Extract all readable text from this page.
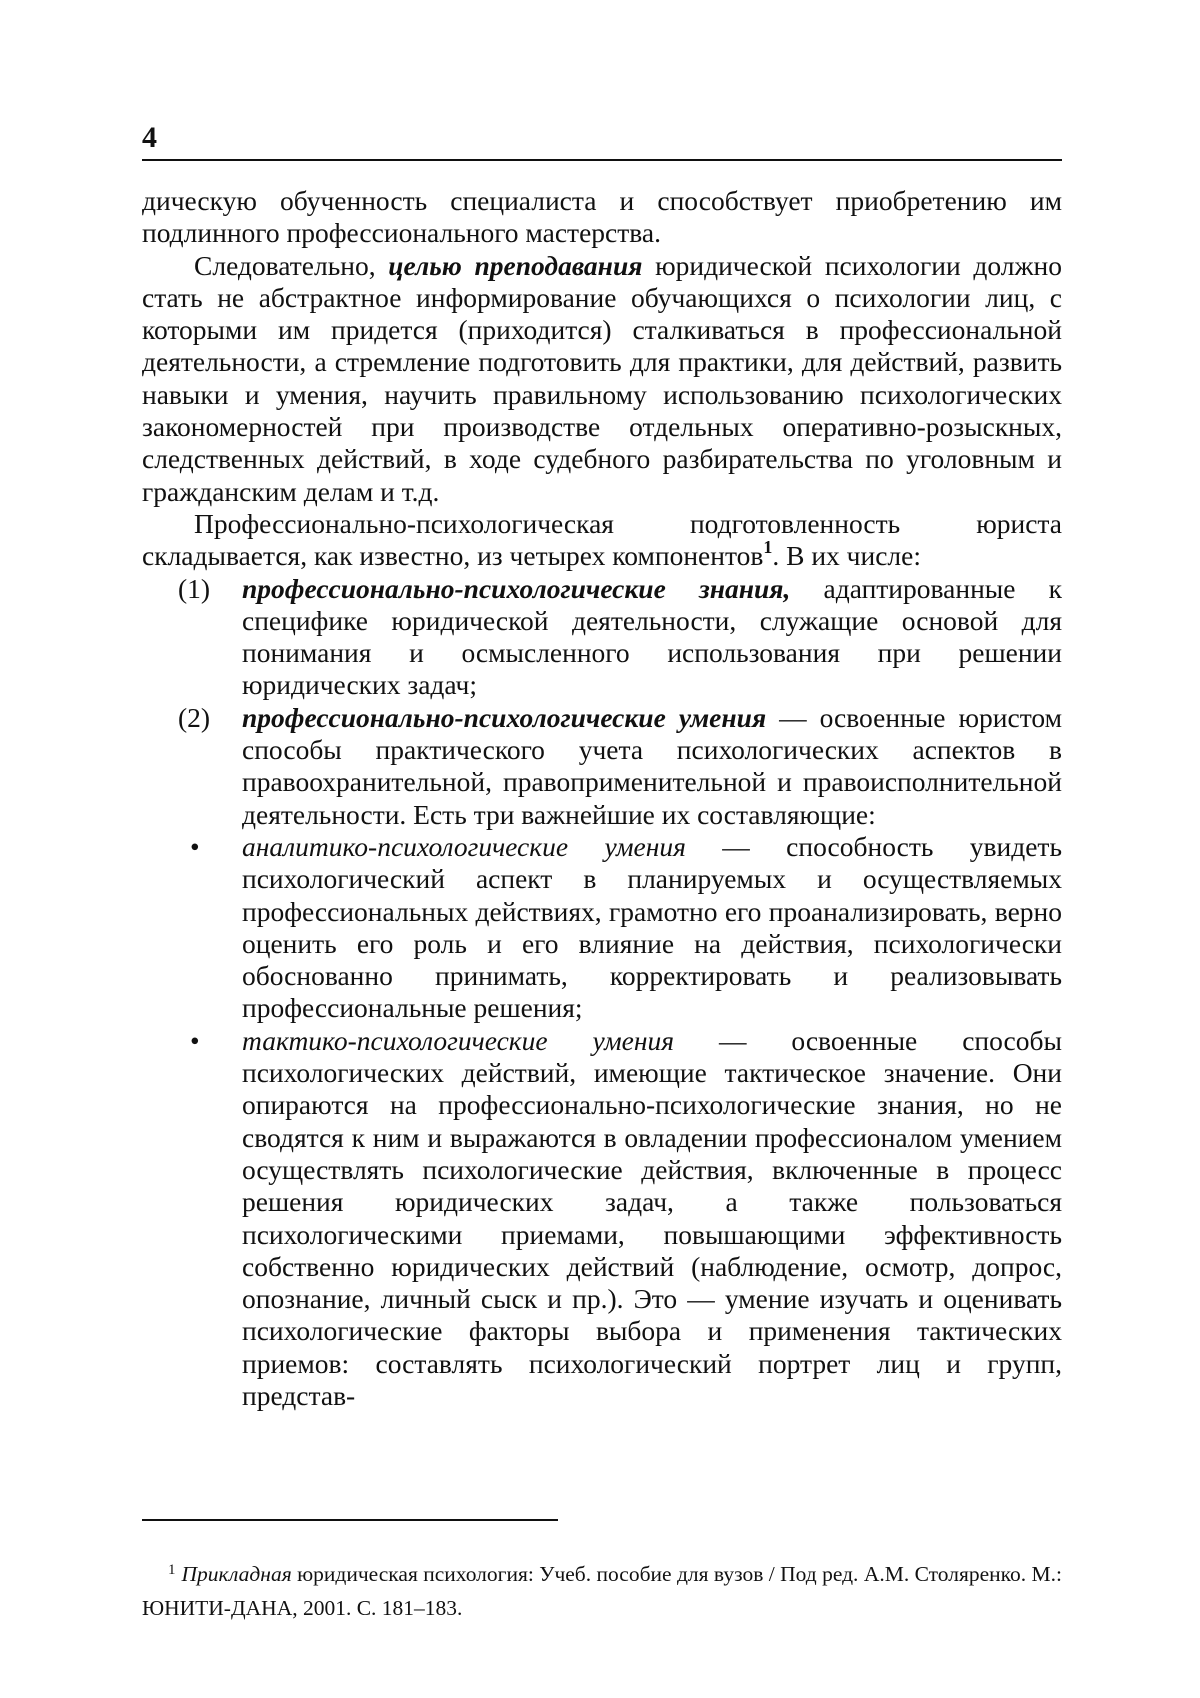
4

дическую обученность специалиста и способствует приобретению им подлинного профессионального мастерства.

Следовательно, целью преподавания юридической психологии должно стать не абстрактное информирование обучающихся о психологии лиц, с которыми им придется (приходится) сталкиваться в профессиональной деятельности, а стремление подготовить для практики, для действий, развить навыки и умения, научить правильному использованию психологических закономерностей при производстве отдельных оперативно-розыскных, следственных действий, в ходе судебного разбирательства по уголовным и гражданским делам и т.д.

Профессионально-психологическая подготовленность юриста складывается, как известно, из четырех компонентов1. В их числе:

(1) профессионально-психологические знания, адаптированные к специфике юридической деятельности, служащие основой для понимания и осмысленного использования при решении юридических задач;
(2) профессионально-психологические умения — освоенные юристом способы практического учета психологических аспектов в правоохранительной, правоприменительной и правоисполнительной деятельности. Есть три важнейшие их составляющие:
• аналитико-психологические умения — способность увидеть психологический аспект в планируемых и осуществляемых профессиональных действиях, грамотно его проанализировать, верно оценить его роль и его влияние на действия, психологически обоснованно принимать, корректировать и реализовывать профессиональные решения;
• тактико-психологические умения — освоенные способы психологических действий, имеющие тактическое значение. Они опираются на профессионально-психологические знания, но не сводятся к ним и выражаются в овладении профессионалом умением осуществлять психологические действия, включенные в процесс решения юридических задач, а также пользоваться психологическими приемами, повышающими эффективность собственно юридических действий (наблюдение, осмотр, допрос, опознание, личный сыск и пр.). Это — умение изучать и оценивать психологические факторы выбора и применения тактических приемов: составлять психологический портрет лиц и групп, представ-

1 Прикладная юридическая психология: Учеб. пособие для вузов / Под ред. А.М. Столяренко. М.: ЮНИТИ-ДАНА, 2001. С. 181–183.
